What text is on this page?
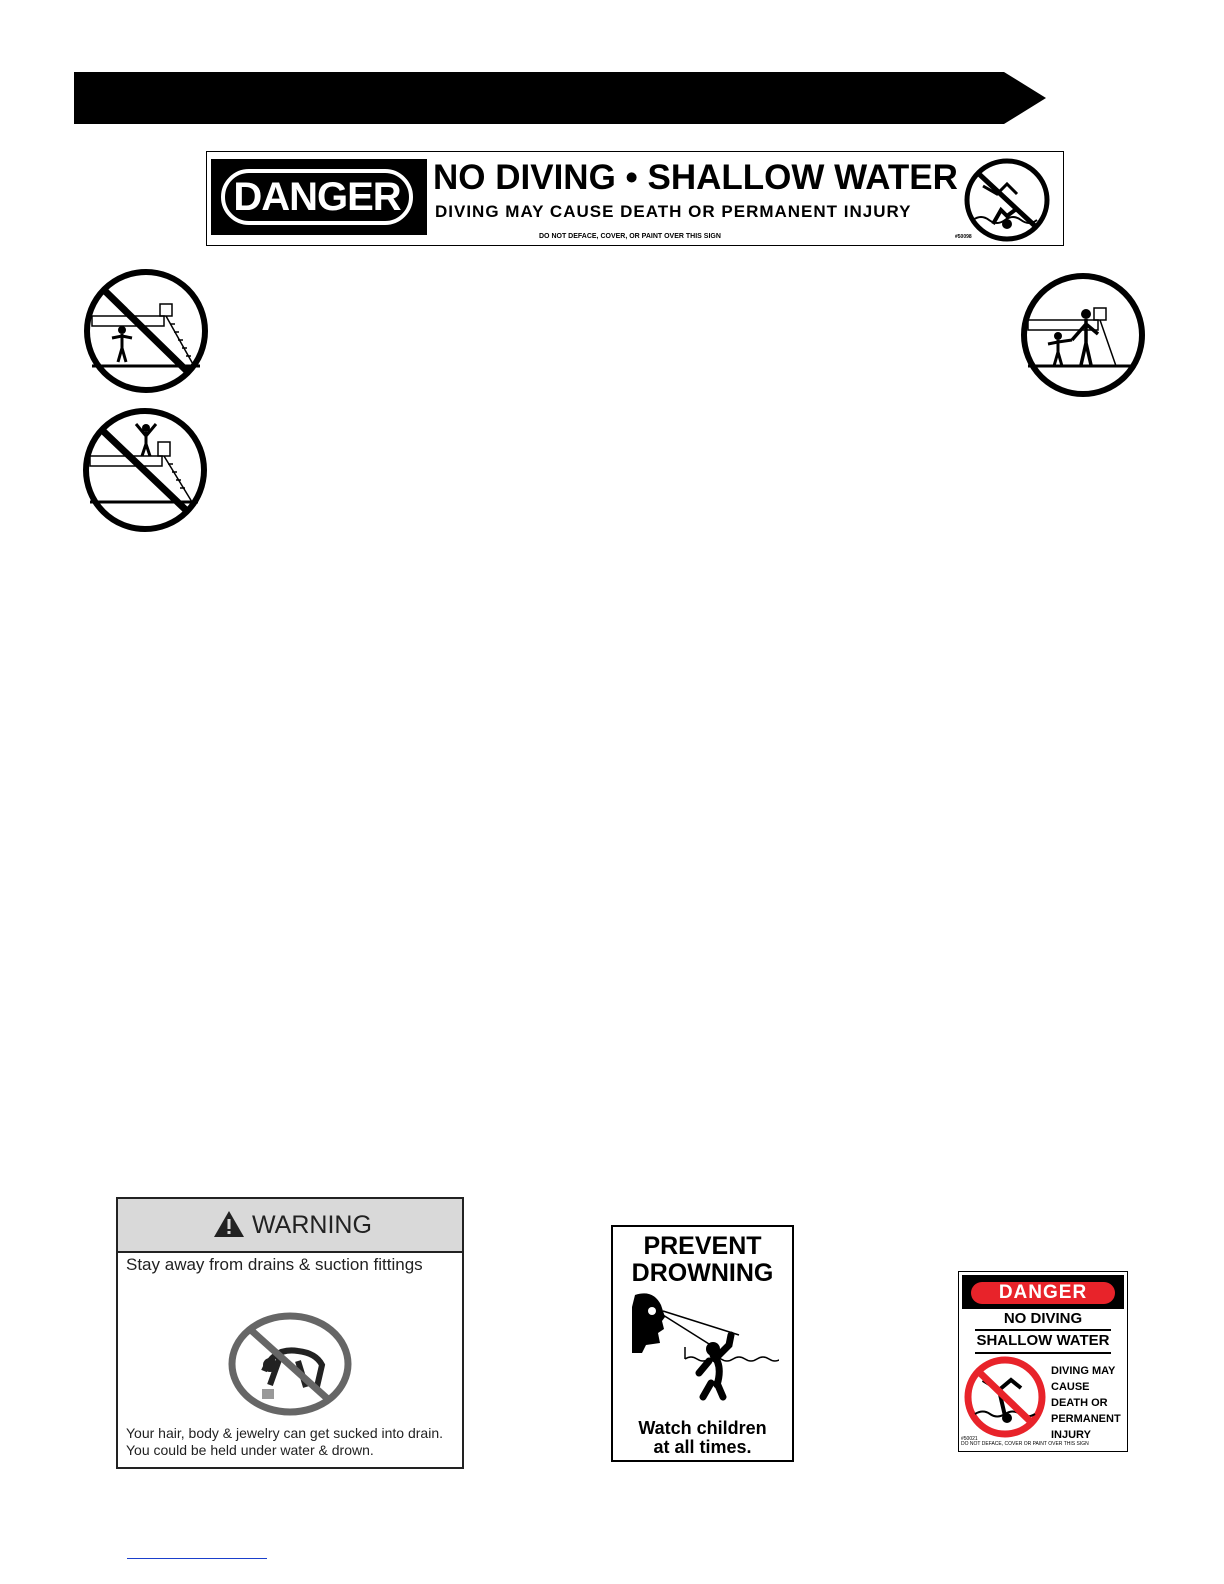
DANGER NO DIVING • SHALLOW WATER
DIVING MAY CAUSE DEATH OR PERMANENT INJURY
DO NOT DEFACE, COVER, OR PAINT OVER THIS SIGN	#50098
WARNING
Stay away from drains & suction fittings
Your hair, body & jewelry can get sucked into drain.
You could be held under water & drown.
PREVENT
DROWNING
Watch children
at all times.
DANGER
NO DIVING
SHALLOW WATER
DIVING MAY
CAUSE
DEATH OR
PERMANENT
INJURY
#50021
DO NOT DEFACE, COVER OR PAINT OVER THIS SIGN
